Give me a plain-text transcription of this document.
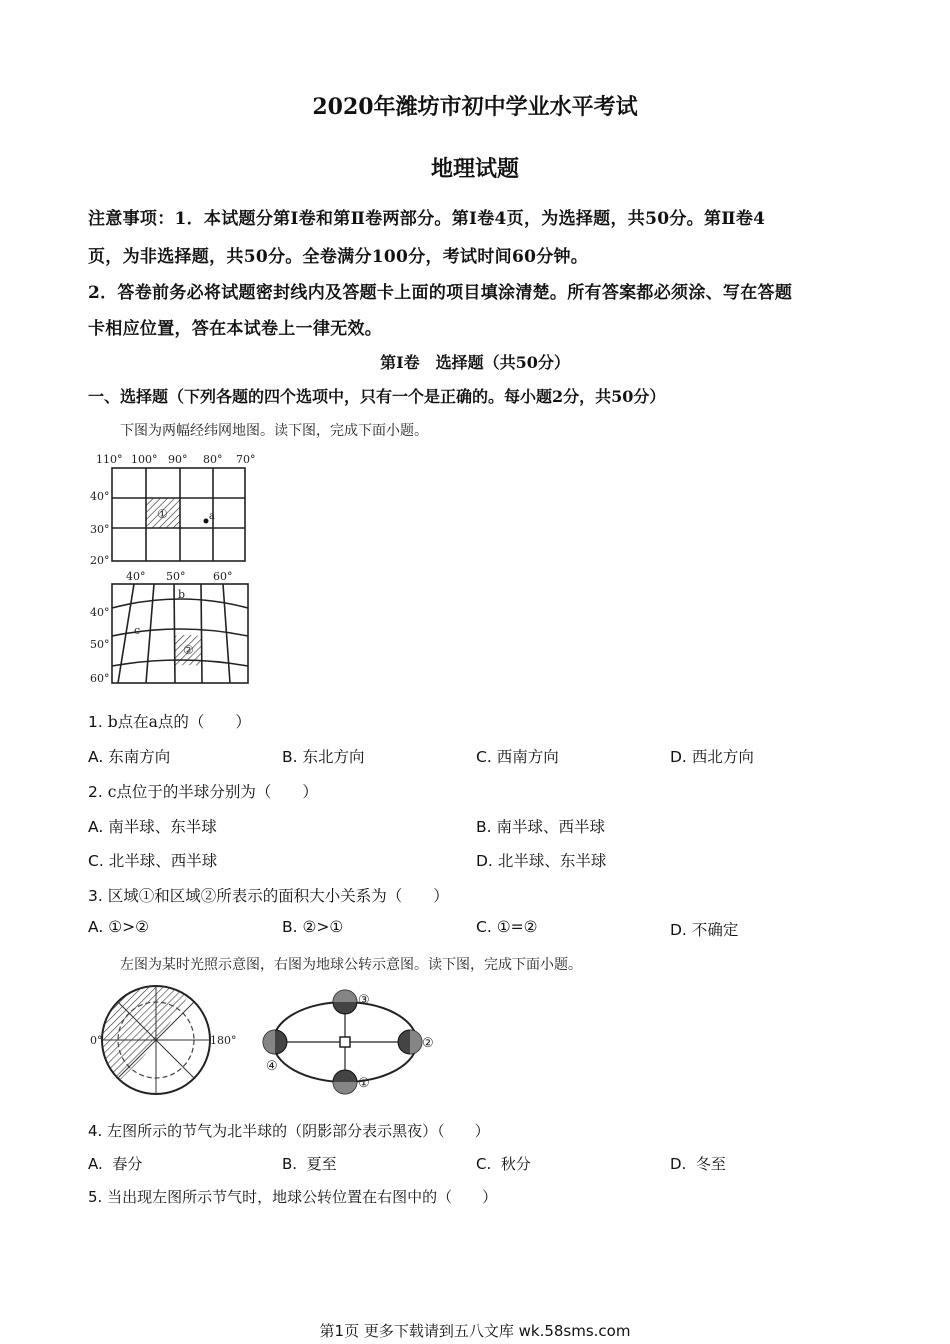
2020年潍坊市初中学业水平考试
地理试题
注意事项：1．本试题分第Ⅰ卷和第Ⅱ卷两部分。第Ⅰ卷4页，为选择题，共50分。第Ⅱ卷4
页，为非选择题，共50分。全卷满分100分，考试时间60分钟。
2．答卷前务必将试题密封线内及答题卡上面的项目填涂清楚。所有答案都必须涂、写在答题
卡相应位置，答在本试卷上一律无效。
第Ⅰ卷　选择题（共50分）
一、选择题（下列各题的四个选项中，只有一个是正确的。每小题2分，共50分）
下图为两幅经纬网地图。读下图，完成下面小题。
110° 100° 90° 80° 70°
40°
30°
20°
①	a
40° 50°	60°
40°
50°
60°
b
c
②
1. b点在a点的（　　）
A. 东南方向	B. 东北方向	C. 西南方向	D. 西北方向
2. c点位于的半球分别为（　　）
A. 南半球、东半球	B. 南半球、西半球
C. 北半球、西半球	D. 北半球、东半球
3. 区域①和区域②所表示的面积大小关系为（　　）
A. ①>②	B. ②>①	C. ①=②	D. 不确定
左图为某时光照示意图，右图为地球公转示意图。读下图，完成下面小题。
0°	180°
①
②
③
④
4. 左图所示的节气为北半球的（阴影部分表示黑夜）（　　）
A. 春分	B. 夏至	C. 秋分	D. 冬至
5. 当出现左图所示节气时，地球公转位置在右图中的（　　）
第1页 更多下载请到五八文库 wk.58sms.com
